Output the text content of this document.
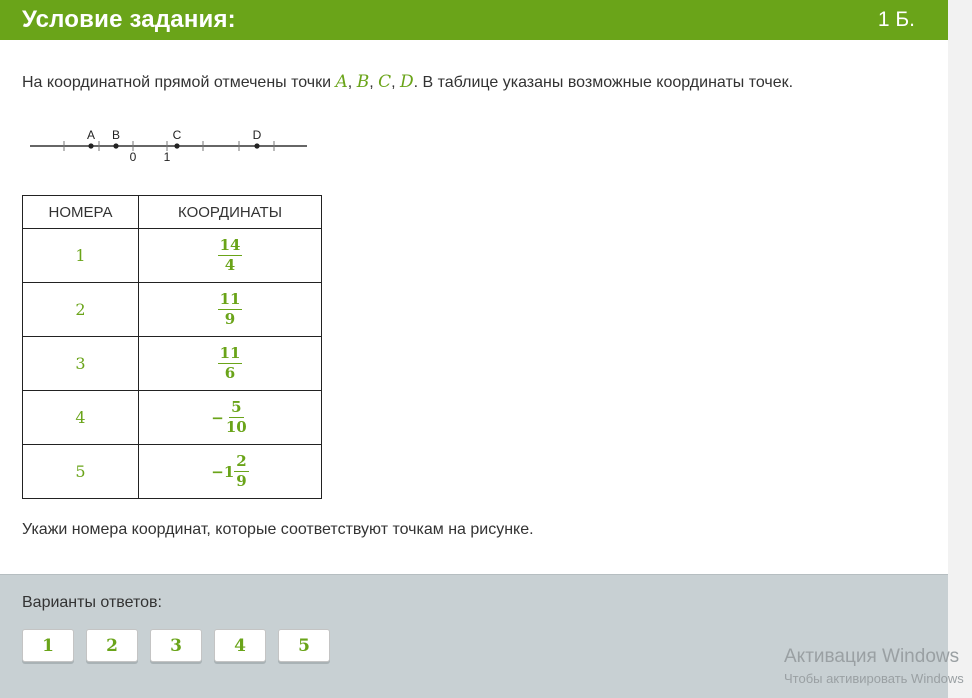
Условие задания:	1 Б.
На координатной прямой отмечены точки A, B, C, D. В таблице указаны возможные координаты точек.
A B	C	D
0 1
НОМЕРА	КООРДИНАТЫ
1	$\frac{14}{4}$

2	$\frac{11}{9}$

3	$\frac{11}{6}$

4	− $\frac{5}{10}$

5	$-1 \frac{2}{9}$
Укажи номера координат, которые соответствуют точкам на рисунке.
Варианты ответов:
1	2	3	4	5
Активация Windows
Чтобы активировать Windows
